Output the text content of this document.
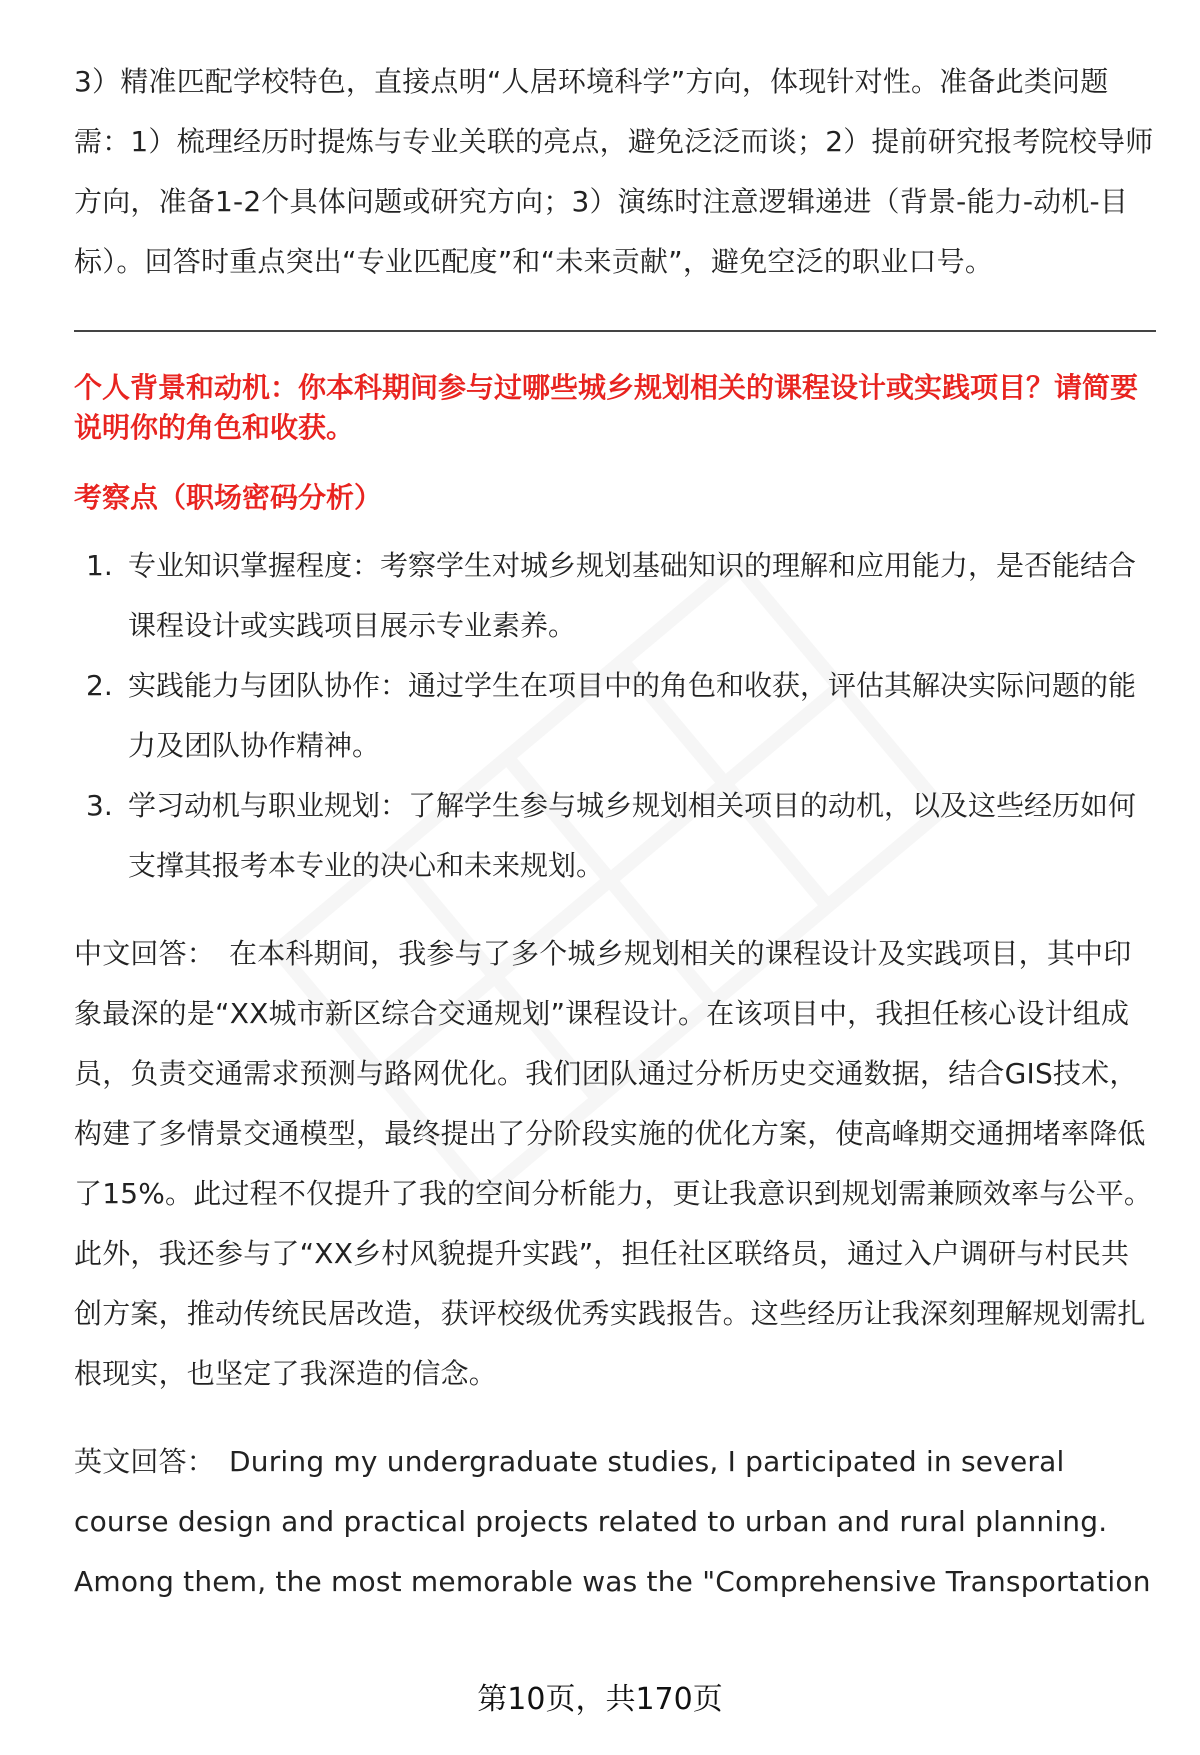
3）精准匹配学校特色，直接点明“人居环境科学”方向，体现针对性。准备此类问题需：1）梳理经历时提炼与专业关联的亮点，避免泛泛而谈；2）提前研究报考院校导师方向，准备1-2个具体问题或研究方向；3）演练时注意逻辑递进（背景-能力-动机-目标）。回答时重点突出“专业匹配度”和“未来贡献”，避免空泛的职业口号。

个人背景和动机：你本科期间参与过哪些城乡规划相关的课程设计或实践项目？请简要说明你的角色和收获。

考察点（职场密码分析）

1. 专业知识掌握程度：考察学生对城乡规划基础知识的理解和应用能力，是否能结合课程设计或实践项目展示专业素养。
2. 实践能力与团队协作：通过学生在项目中的角色和收获，评估其解决实际问题的能力及团队协作精神。
3. 学习动机与职业规划：了解学生参与城乡规划相关项目的动机，以及这些经历如何支撑其报考本专业的决心和未来规划。

中文回答： 在本科期间，我参与了多个城乡规划相关的课程设计及实践项目，其中印象最深的是“XX城市新区综合交通规划”课程设计。在该项目中，我担任核心设计组成员，负责交通需求预测与路网优化。我们团队通过分析历史交通数据，结合GIS技术，构建了多情景交通模型，最终提出了分阶段实施的优化方案，使高峰期交通拥堵率降低了15%。此过程不仅提升了我的空间分析能力，更让我意识到规划需兼顾效率与公平。此外，我还参与了“XX乡村风貌提升实践”，担任社区联络员，通过入户调研与村民共创方案，推动传统民居改造，获评校级优秀实践报告。这些经历让我深刻理解规划需扎根现实，也坚定了我深造的信念。

英文回答： During my undergraduate studies, I participated in several course design and practical projects related to urban and rural planning. Among them, the most memorable was the "Comprehensive Transportation

第10页，共170页
